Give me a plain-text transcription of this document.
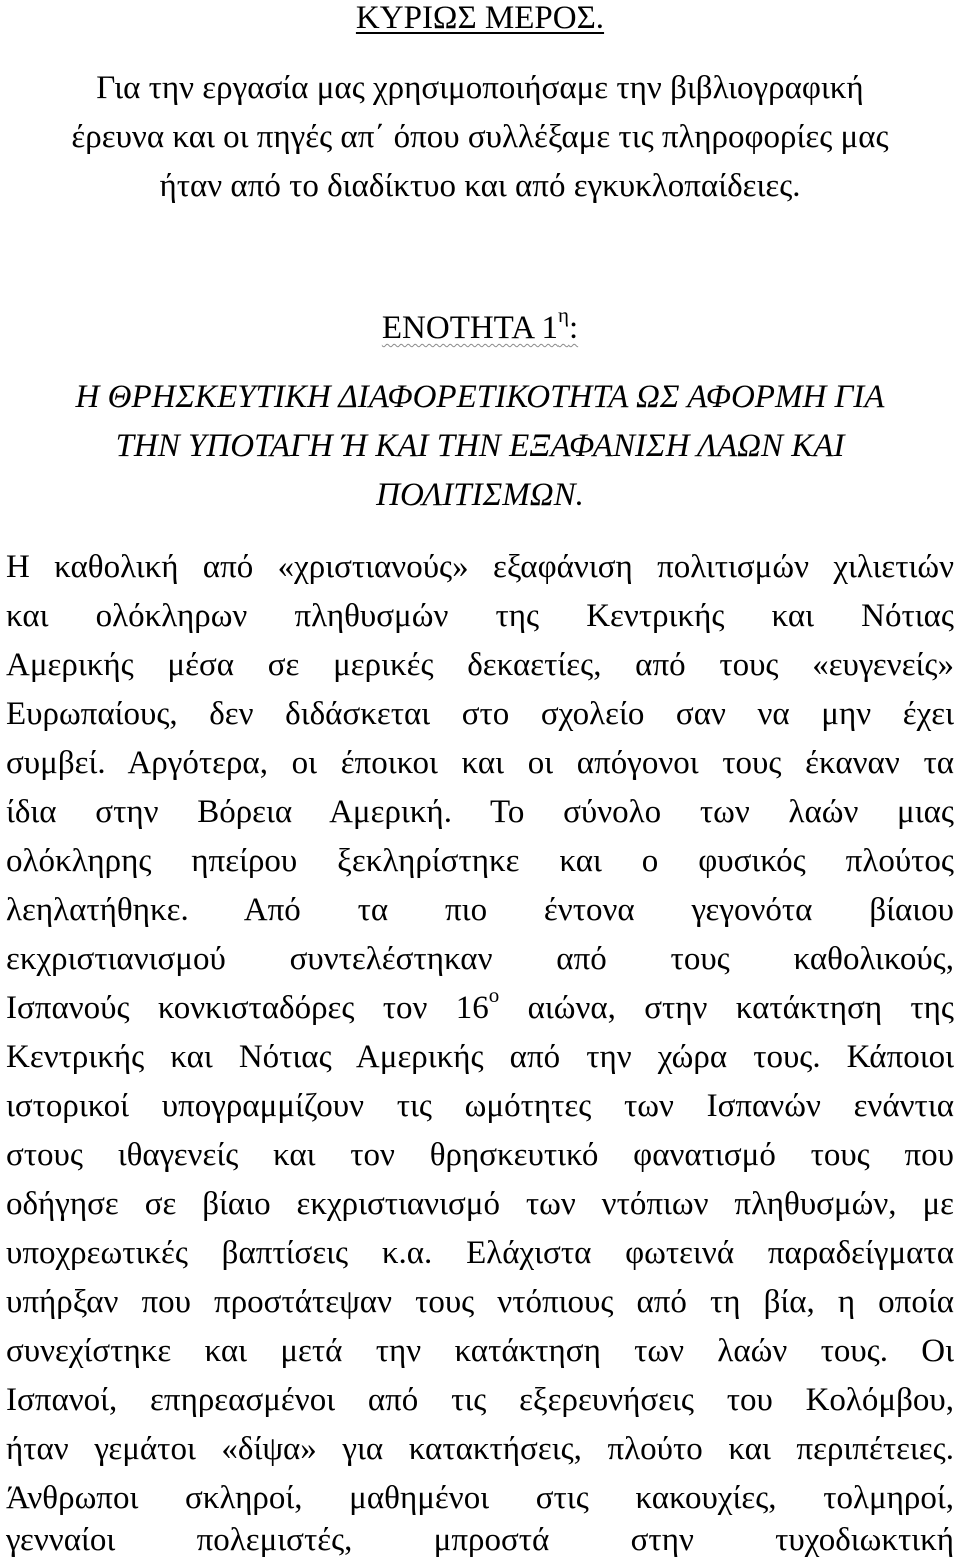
ΚΥΡΙΩΣ ΜΕΡΟΣ.
Για την εργασία μας χρησιμοποιήσαμε την βιβλιογραφική
έρευνα και οι πηγές απ΄ όπου συλλέξαμε τις πληροφορίες μας
ήταν από το διαδίκτυο και από εγκυκλοπαίδειες.
ΕΝΟΤΗΤΑ $1^\eta$:
Η ΘΡΗΣΚΕΥΤΙΚΗ ΔΙΑΦΟΡΕΤΙΚΟΤΗΤΑ ΩΣ ΑΦΟΡΜΗ ΓΙΑ
ΤΗΝ ΥΠΟΤΑΓΗ Ή ΚΑΙ ΤΗΝ ΕΞΑΦΑΝΙΣΗ ΛΑΩΝ ΚΑΙ
ΠΟΛΙΤΙΣΜΩΝ.
Η καθολική από «χριστιανούς» εξαφάνιση πολιτισμών χιλιετιών
και ολόκληρων πληθυσμών της Κεντρικής και Νότιας
Αμερικής μέσα σε μερικές δεκαετίες, από τους «ευγενείς»
Ευρωπαίους, δεν διδάσκεται στο σχολείο σαν να μην έχει
συμβεί. Αργότερα, οι έποικοι και οι απόγονοι τους έκαναν τα
ίδια στην Βόρεια Αμερική. Το σύνολο των λαών μιας
ολόκληρης ηπείρου ξεκληρίστηκε και ο φυσικός πλούτος
λεηλατήθηκε. Από τα πιο έντονα γεγονότα βίαιου
εκχριστιανισμού συντελέστηκαν από τους καθολικούς,
Ισπανούς κονκισταδόρες τον $16^o$ αιώνα, στην κατάκτηση της
Κεντρικής και Νότιας Αμερικής από την χώρα τους. Κάποιοι
ιστορικοί υπογραμμίζουν τις ωμότητες των Ισπανών ενάντια
στους ιθαγενείς και τον θρησκευτικό φανατισμό τους που
οδήγησε σε βίαιο εκχριστιανισμό των ντόπιων πληθυσμών, με
υποχρεωτικές βαπτίσεις κ.α. Ελάχιστα φωτεινά παραδείγματα
υπήρξαν που προστάτεψαν τους ντόπιους από τη βία, η οποία
συνεχίστηκε και μετά την κατάκτηση των λαών τους. Οι
Ισπανοί, επηρεασμένοι από τις εξερευνήσεις του Κολόμβου,
ήταν γεμάτοι «δίψα» για κατακτήσεις, πλούτο και περιπέτειες.
Άνθρωποι σκληροί, μαθημένοι στις κακουχίες, τολμηροί,
γενναίοι πολεμιστές, μπροστά στην τυχοδιωκτική
